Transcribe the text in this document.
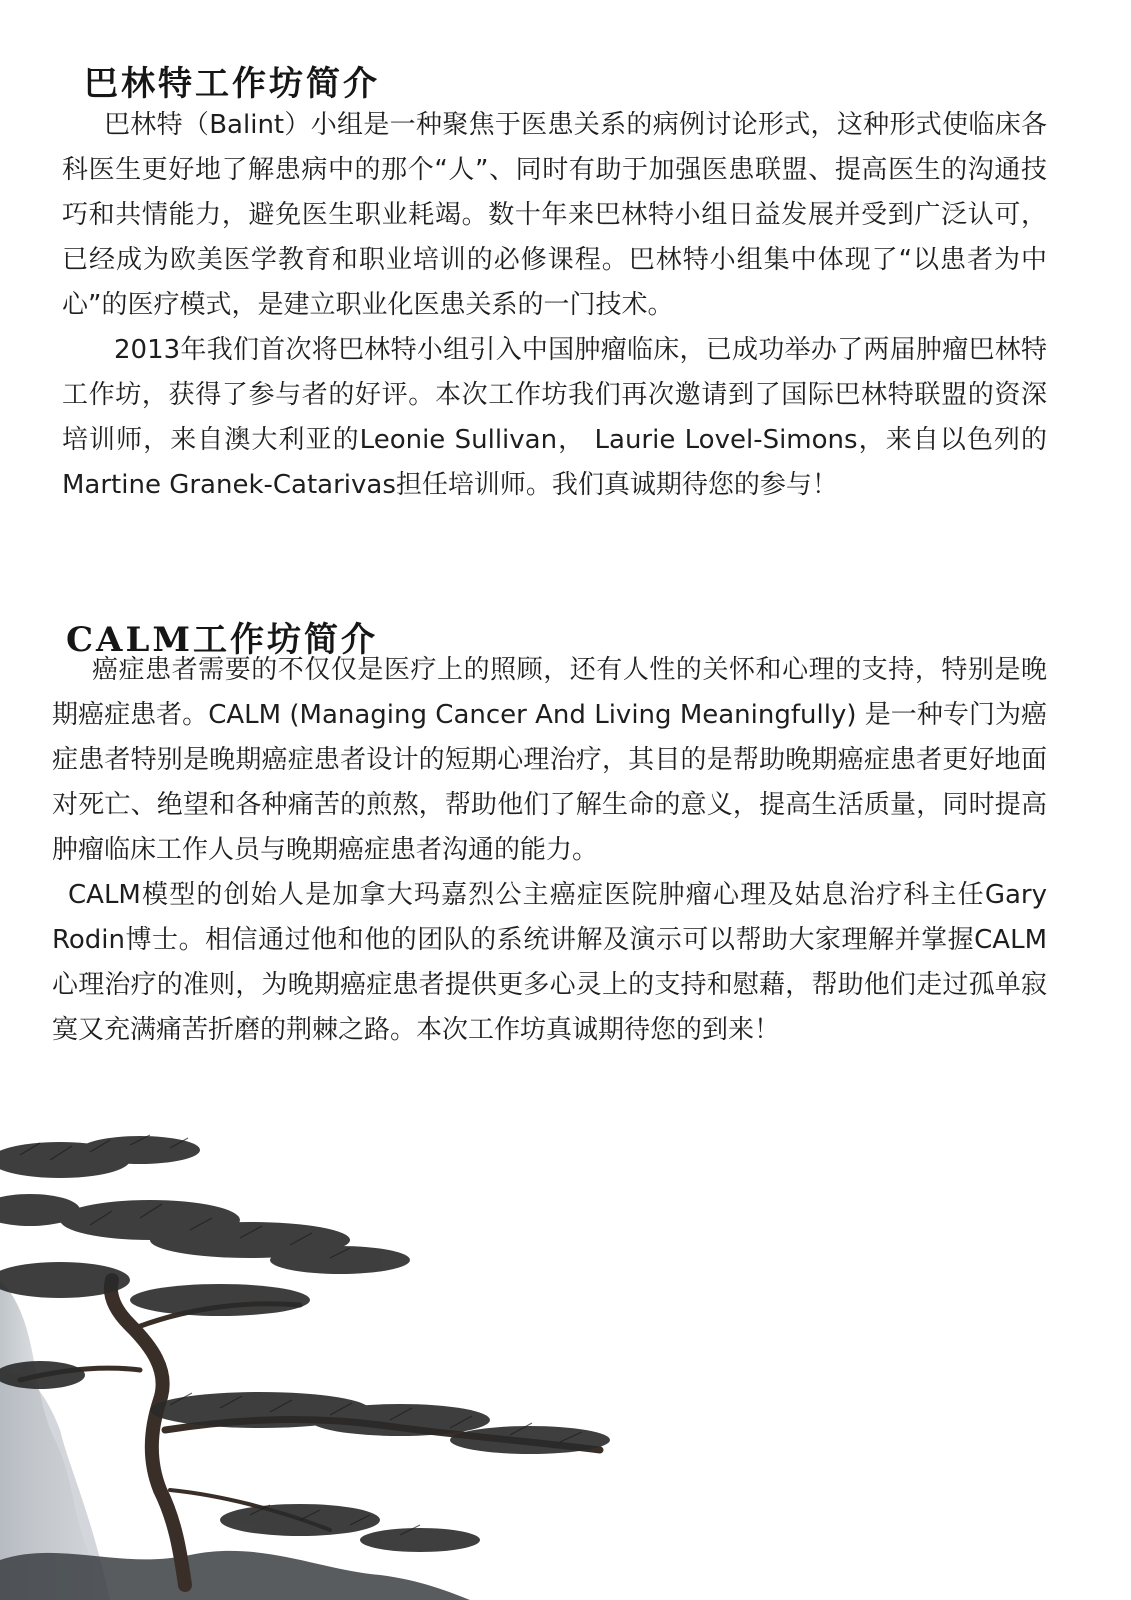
巴林特工作坊简介

巴林特（Balint）小组是一种聚焦于医患关系的病例讨论形式，这种形式使临床各科医生更好地了解患病中的那个“人”、同时有助于加强医患联盟、提高医生的沟通技巧和共情能力，避免医生职业耗竭。数十年来巴林特小组日益发展并受到广泛认可，已经成为欧美医学教育和职业培训的必修课程。巴林特小组集中体现了“以患者为中心”的医疗模式，是建立职业化医患关系的一门技术。

2013年我们首次将巴林特小组引入中国肿瘤临床，已成功举办了两届肿瘤巴林特工作坊，获得了参与者的好评。本次工作坊我们再次邀请到了国际巴林特联盟的资深培训师，来自澳大利亚的Leonie Sullivan， Laurie Lovel-Simons，来自以色列的Martine Granek-Catarivas担任培训师。我们真诚期待您的参与！

CALM工作坊简介

癌症患者需要的不仅仅是医疗上的照顾，还有人性的关怀和心理的支持，特别是晚期癌症患者。CALM (Managing Cancer And Living Meaningfully) 是一种专门为癌症患者特别是晚期癌症患者设计的短期心理治疗，其目的是帮助晚期癌症患者更好地面对死亡、绝望和各种痛苦的煎熬，帮助他们了解生命的意义，提高生活质量，同时提高肿瘤临床工作人员与晚期癌症患者沟通的能力。

CALM模型的创始人是加拿大玛嘉烈公主癌症医院肿瘤心理及姑息治疗科主任Gary Rodin博士。相信通过他和他的团队的系统讲解及演示可以帮助大家理解并掌握CALM心理治疗的准则，为晚期癌症患者提供更多心灵上的支持和慰藉，帮助他们走过孤单寂寞又充满痛苦折磨的荆棘之路。本次工作坊真诚期待您的到来！
